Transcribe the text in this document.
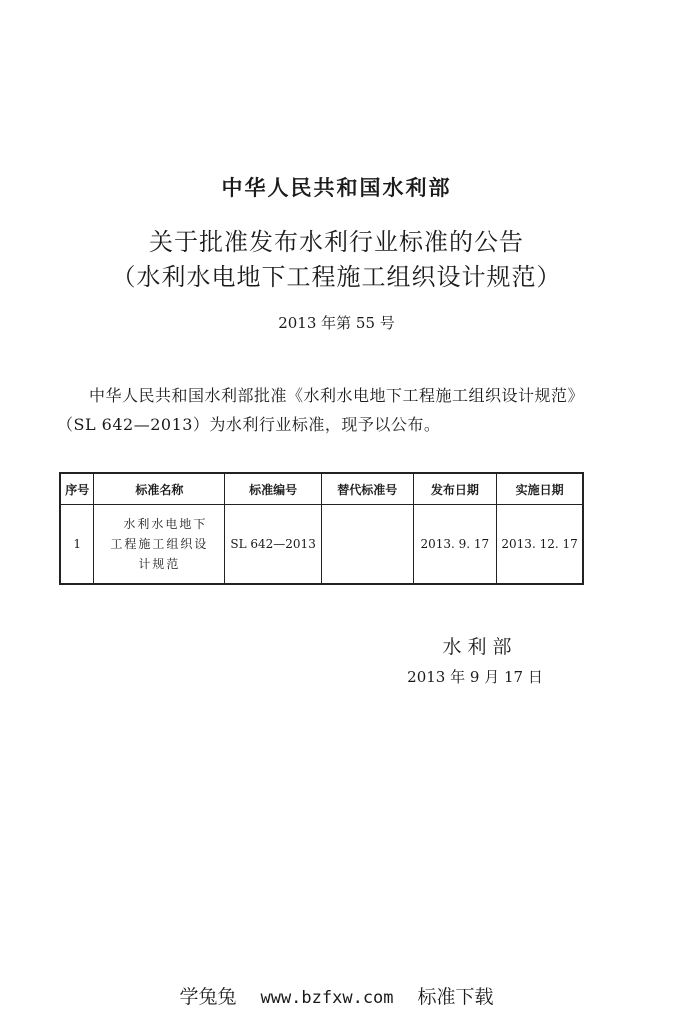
中华人民共和国水利部
关于批准发布水利行业标准的公告
（水利水电地下工程施工组织设计规范）
2013 年第 55 号
中华人民共和国水利部批准《水利水电地下工程施工组织设计规范》（SL 642—2013）为水利行业标准，现予以公布。
序号	标准名称	标准编号	替代标准号	发布日期	实施日期
1	水利水电地下
工程施工组织设
计规范	SL 642—2013		2013. 9. 17	2013. 12. 17
水利部
2013 年 9 月 17 日
学兔兔 www.bzfxw.com 标准下载
